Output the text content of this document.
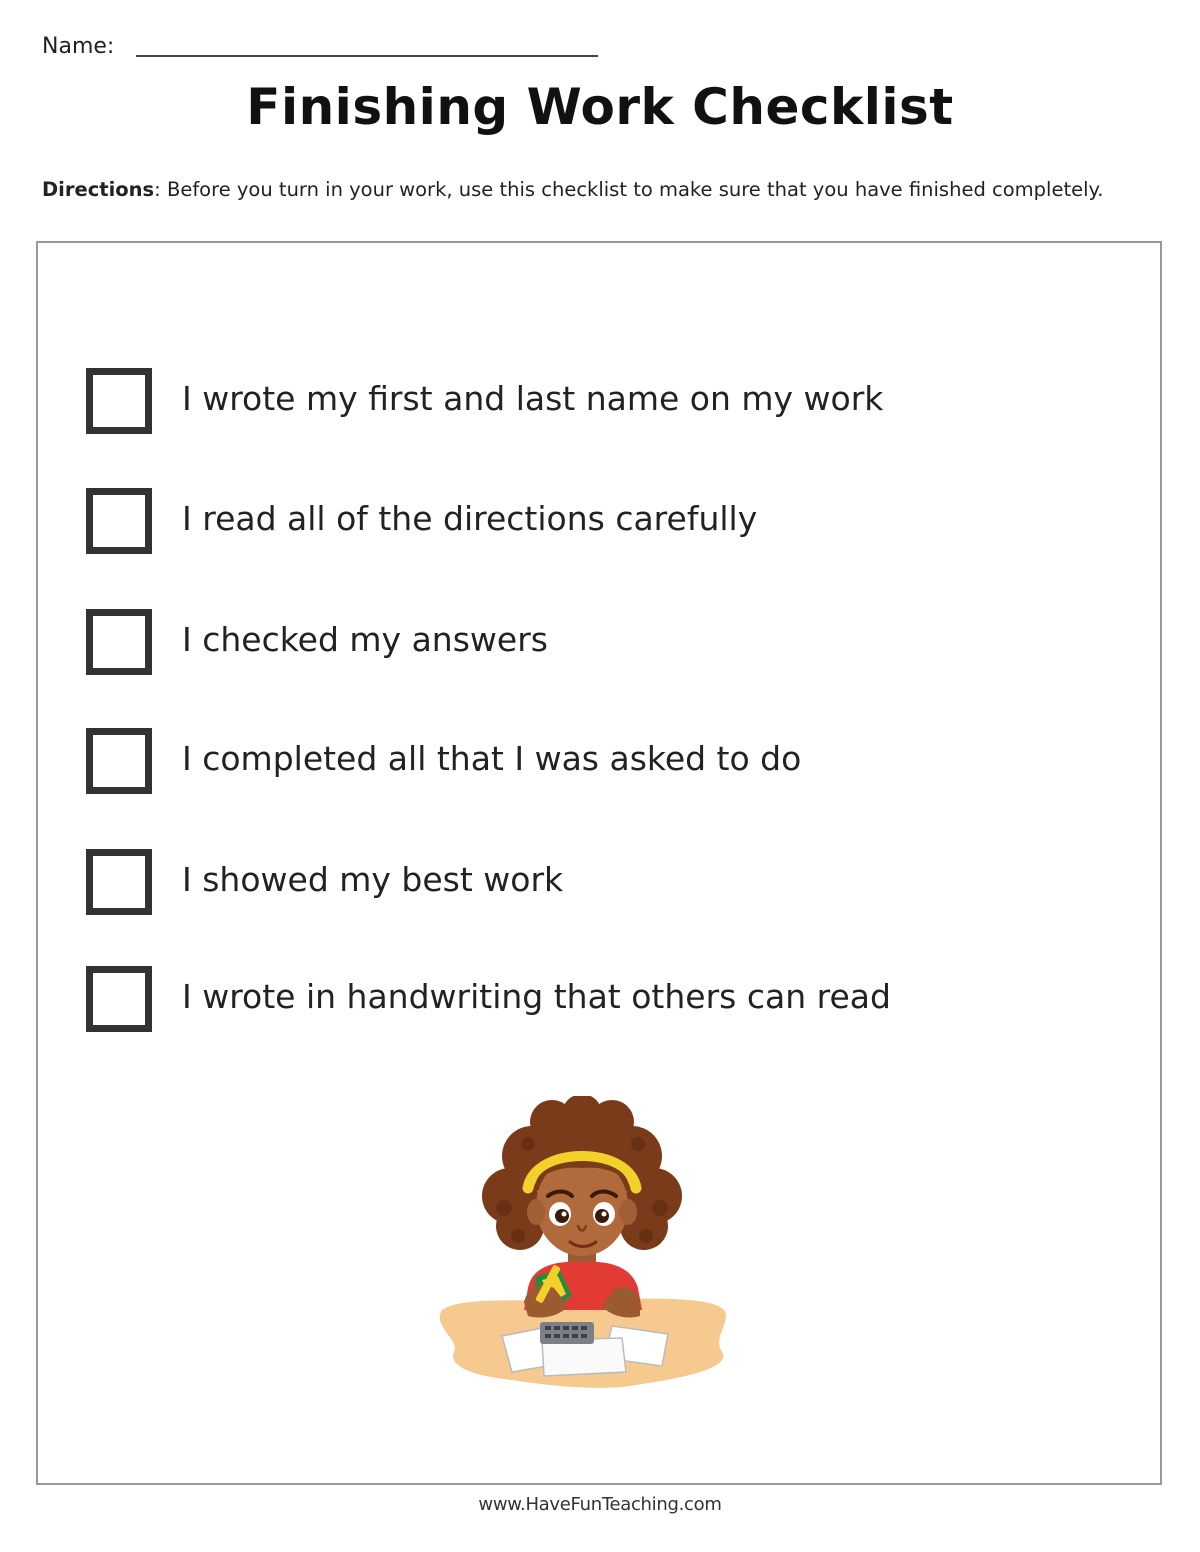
Name:
Finishing Work Checklist
Directions: Before you turn in your work, use this checklist to make sure that you have finished completely.
I wrote my first and last name on my work
I read all of the directions carefully
I checked my answers
I completed all that I was asked to do
I showed my best work
I wrote in handwriting that others can read
www.HaveFunTeaching.com
